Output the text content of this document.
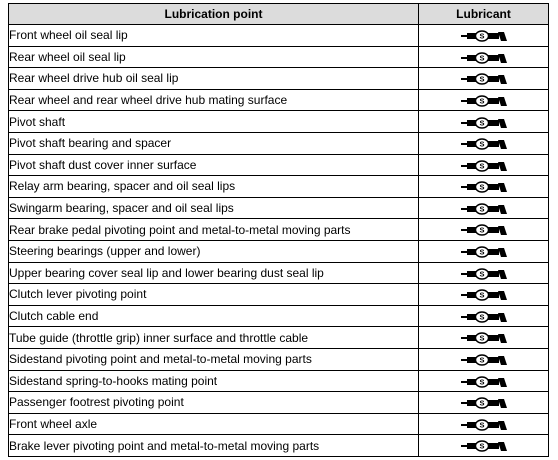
Lubrication point	Lubricant
Front wheel oil seal lip	S

Rear wheel oil seal lip	S

Rear wheel drive hub oil seal lip	S

Rear wheel and rear wheel drive hub mating surface	S

Pivot shaft	S

Pivot shaft bearing and spacer	S

Pivot shaft dust cover inner surface	S

Relay arm bearing, spacer and oil seal lips	S

Swingarm bearing, spacer and oil seal lips	S

Rear brake pedal pivoting point and metal-to-metal moving parts	S

Steering bearings (upper and lower)	S

Upper bearing cover seal lip and lower bearing dust seal lip	S

Clutch lever pivoting point	S

Clutch cable end	S

Tube guide (throttle grip) inner surface and throttle cable	S

Sidestand pivoting point and metal-to-metal moving parts	S

Sidestand spring-to-hooks mating point	S

Passenger footrest pivoting point	S

Front wheel axle	S

Brake lever pivoting point and metal-to-metal moving parts	S
